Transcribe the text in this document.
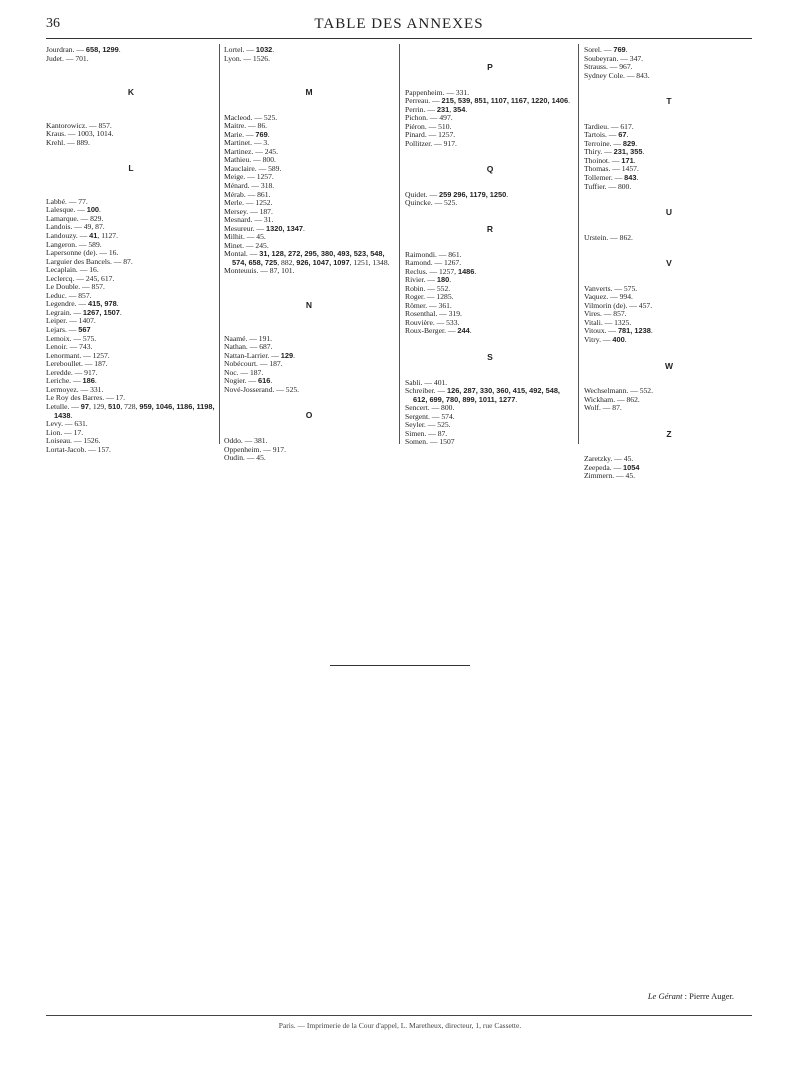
36	TABLE DES ANNEXES
Jourdran. — 658, 1299.
Judet. — 701.
K
Kantorowicz. — 857.
Kraus. — 1003, 1014.
Krehl. — 889.
L
Labbé. — 77.
Lalesque. — 100.
Lamarque. — 829.
Landois. — 49, 87.
Landouzy. — 41, 1127.
Langeron. — 589.
Lapersonne (de). — 16.
Larguier des Bancels. — 87.
Lecaplain. — 16.
Leclercq. — 245, 617.
Le Double. — 857.
Leduc. — 857.
Legendre. — 415, 978.
Legrain. — 1267, 1507.
Leiper. — 1407.
Lejars. — 567
Lemoix. — 575.
Lenoir. — 743.
Lenormant. — 1257.
Lereboullet. — 187.
Leredde. — 917.
Leriche. — 186.
Lermoyez. — 331.
Le Roy des Barres. — 17.
Letulle. — 97, 129, 510, 728, 959, 1046, 1186, 1198, 1438.
Levy. — 631.
Lion. — 17.
Loiseau. — 1526.
Lortat-Jacob. — 157.
Lortel. — 1032.
Lyon. — 1526.
M
Macleod. — 525.
Maitre. — 86.
Marie. — 769.
Martinet. — 3.
Martinez. — 245.
Mathieu. — 800.
Mauclaire. — 589.
Meige. — 1257.
Ménard. — 318.
Mérab. — 861.
Merle. — 1252.
Mersey. — 187.
Mesnard. — 31.
Mesureur. — 1320, 1347.
Milhit. — 45.
Minet. — 245.
Montal. — 31, 128, 272, 295, 380, 493, 523, 548, 574, 658, 725, 882, 926, 1047, 1097, 1251, 1348.
Monteuuis. — 87, 101.
N
Naamé. — 191.
Nathan. — 687.
Nattan-Larrier. — 129.
Nobécourt. — 187.
Noc. — 187.
Nogier. — 616.
Nové-Josserand. — 525.
O
Oddo. — 381.
Oppenheim. — 917.
Oudin. — 45.
P
Pappenheim. — 331.
Perreau. — 215, 539, 851, 1107, 1167, 1220, 1406.
Perrin. — 231, 354.
Pichon. — 497.
Piéron. — 510.
Pinard. — 1257.
Pollitzer. — 917.
Q
Quidet. — 259 296, 1179, 1250.
Quincke. — 525.
R
Raimondi. — 861.
Ramond. — 1267.
Reclus. — 1257, 1486.
Rivier. — 180.
Robin. — 552.
Roger. — 1285.
Römer. — 361.
Rosenthal. — 319.
Rouvière. — 533.
Roux-Berger. — 244.
S
Sabli. — 401.
Schreiber. — 126, 287, 330, 360, 415, 492, 548, 612, 699, 780, 899, 1011, 1277.
Sencert. — 800.
Sergent. — 574.
Seyler. — 525.
Simen. — 87.
Somen. — 1507
Sorel. — 769.
Soubeyran. — 347.
Strauss. — 967.
Sydney Cole. — 843.
T
Tardieu. — 617.
Tartois. — 67.
Terroine. — 829.
Thiry. — 231, 355.
Thoinot. — 171.
Thomas. — 1457.
Tollemer. — 843.
Tuffier. — 800.
U
Urstein. — 862.
V
Vanverts. — 575.
Vaquez. — 994.
Vilmorin (de). — 457.
Vires. — 857.
Vitali. — 1325.
Vitoux. — 781, 1238.
Vitry. — 400.
W
Wechselmann. — 552.
Wickham. — 862.
Wolf. — 87.
Z
Zaretzky. — 45.
Zeepeda. — 1054
Zimmern. — 45.
Le Gérant : Pierre Auger.
Paris. — Imprimerie de la Cour d'appel, L. Maretheux, directeur, 1, rue Cassette.
